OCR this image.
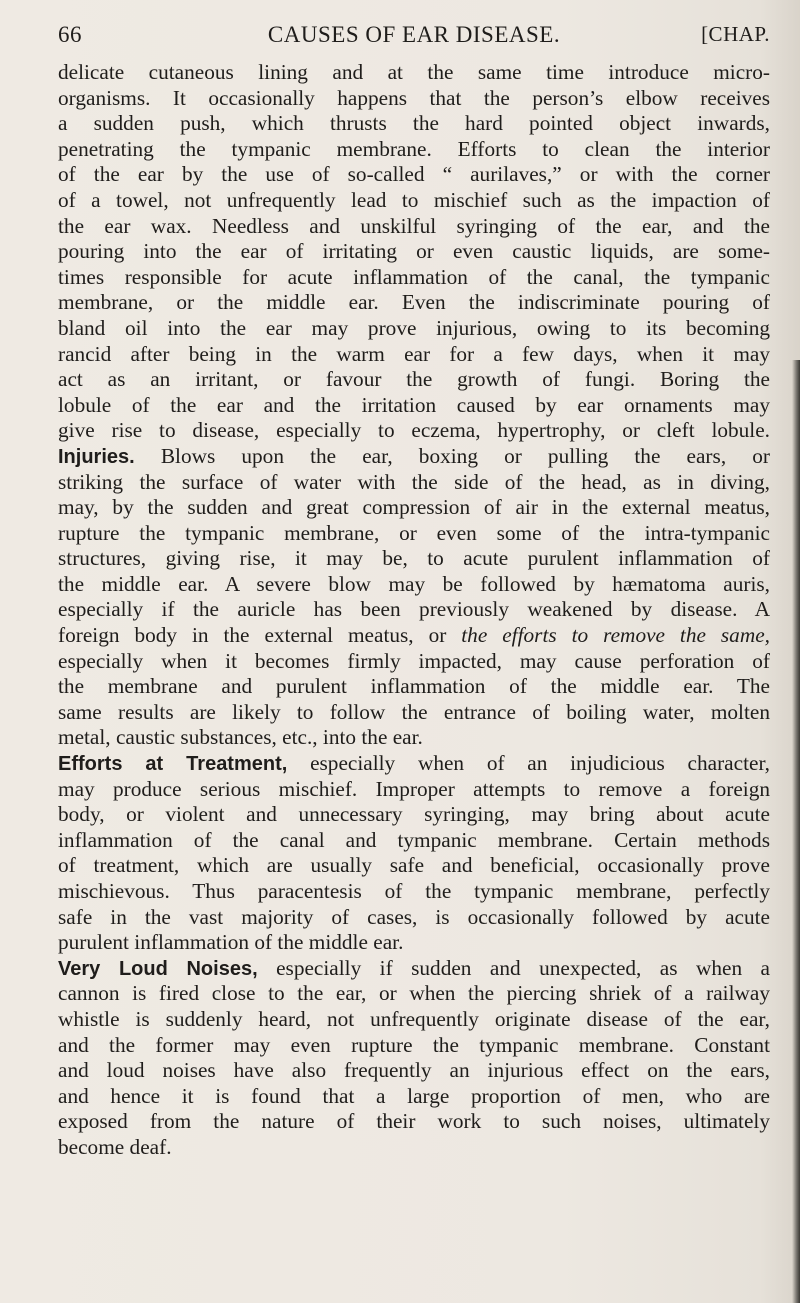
66	CAUSES OF EAR DISEASE.	[CHAP.
delicate cutaneous lining and at the same time introduce micro-
organisms. It occasionally happens that the person’s elbow receives
a sudden push, which thrusts the hard pointed object inwards,
penetrating the tympanic membrane. Efforts to clean the interior
of the ear by the use of so-called “ aurilaves,” or with the corner
of a towel, not unfrequently lead to mischief such as the impaction of
the ear wax. Needless and unskilful syringing of the ear, and the
pouring into the ear of irritating or even caustic liquids, are some-
times responsible for acute inflammation of the canal, the tympanic
membrane, or the middle ear. Even the indiscriminate pouring of
bland oil into the ear may prove injurious, owing to its becoming
rancid after being in the warm ear for a few days, when it may
act as an irritant, or favour the growth of fungi. Boring the
lobule of the ear and the irritation caused by ear ornaments may
give rise to disease, especially to eczema, hypertrophy, or cleft lobule.
Injuries. Blows upon the ear, boxing or pulling the ears, or
striking the surface of water with the side of the head, as in diving,
may, by the sudden and great compression of air in the external meatus,
rupture the tympanic membrane, or even some of the intra-tympanic
structures, giving rise, it may be, to acute purulent inflammation of
the middle ear. A severe blow may be followed by hæmatoma auris,
especially if the auricle has been previously weakened by disease. A
foreign body in the external meatus, or the efforts to remove the same,
especially when it becomes firmly impacted, may cause perforation of
the membrane and purulent inflammation of the middle ear. The
same results are likely to follow the entrance of boiling water, molten
metal, caustic substances, etc., into the ear.
Efforts at Treatment, especially when of an injudicious character,
may produce serious mischief. Improper attempts to remove a foreign
body, or violent and unnecessary syringing, may bring about acute
inflammation of the canal and tympanic membrane. Certain methods
of treatment, which are usually safe and beneficial, occasionally prove
mischievous. Thus paracentesis of the tympanic membrane, perfectly
safe in the vast majority of cases, is occasionally followed by acute
purulent inflammation of the middle ear.
Very Loud Noises, especially if sudden and unexpected, as when a
cannon is fired close to the ear, or when the piercing shriek of a railway
whistle is suddenly heard, not unfrequently originate disease of the ear,
and the former may even rupture the tympanic membrane. Constant
and loud noises have also frequently an injurious effect on the ears,
and hence it is found that a large proportion of men, who are
exposed from the nature of their work to such noises, ultimately
become deaf.
